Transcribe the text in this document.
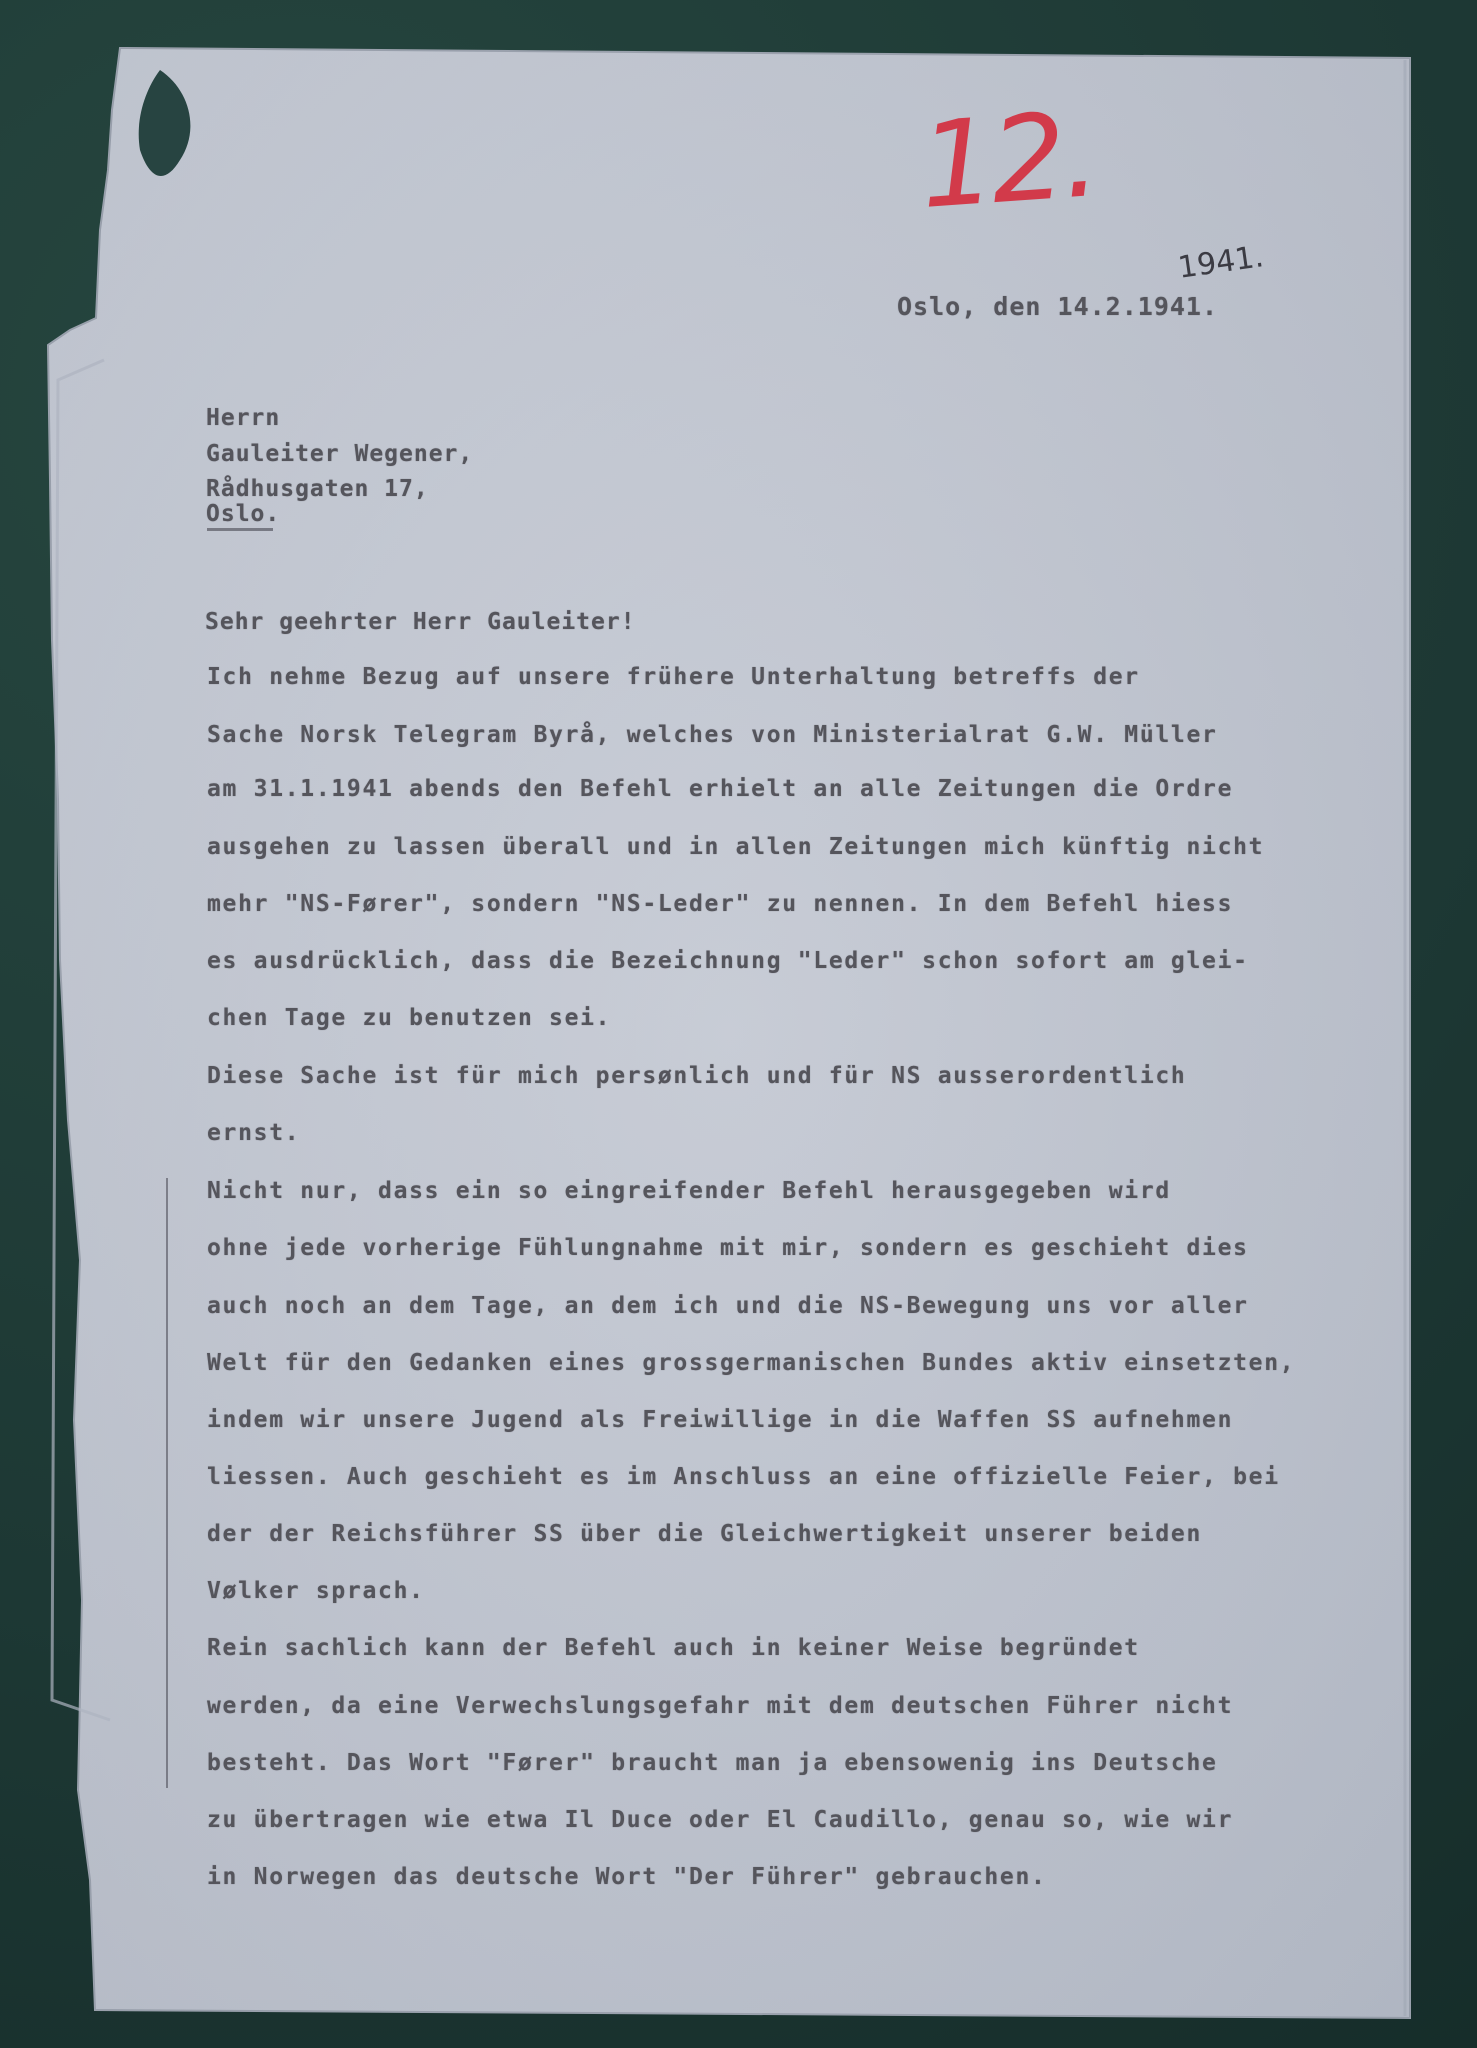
12.
1941.
Oslo, den 14.2.1941.
Herrn
Gauleiter Wegener,
Rådhusgaten 17,
Oslo.
Sehr geehrter Herr Gauleiter!
Ich nehme Bezug auf unsere frühere Unterhaltung betreffs der
Sache Norsk Telegram Byrå, welches von Ministerialrat G.W. Müller
am 31.1.1941 abends den Befehl erhielt an alle Zeitungen die Ordre
ausgehen zu lassen überall und in allen Zeitungen mich künftig nicht
mehr "NS-Fører", sondern "NS-Leder" zu nennen. In dem Befehl hiess
es ausdrücklich, dass die Bezeichnung "Leder" schon sofort am glei-
chen Tage zu benutzen sei.
Diese Sache ist für mich persønlich und für NS ausserordentlich
ernst.
Nicht nur, dass ein so eingreifender Befehl herausgegeben wird
ohne jede vorherige Fühlungnahme mit mir, sondern es geschieht dies
auch noch an dem Tage, an dem ich und die NS-Bewegung uns vor aller
Welt für den Gedanken eines grossgermanischen Bundes aktiv einsetzten,
indem wir unsere Jugend als Freiwillige in die Waffen SS aufnehmen
liessen. Auch geschieht es im Anschluss an eine offizielle Feier, bei
der der Reichsführer SS über die Gleichwertigkeit unserer beiden
Vølker sprach.
Rein sachlich kann der Befehl auch in keiner Weise begründet
werden, da eine Verwechslungsgefahr mit dem deutschen Führer nicht
besteht. Das Wort "Fører" braucht man ja ebensowenig ins Deutsche
zu übertragen wie etwa Il Duce oder El Caudillo, genau so, wie wir
in Norwegen das deutsche Wort "Der Führer" gebrauchen.
